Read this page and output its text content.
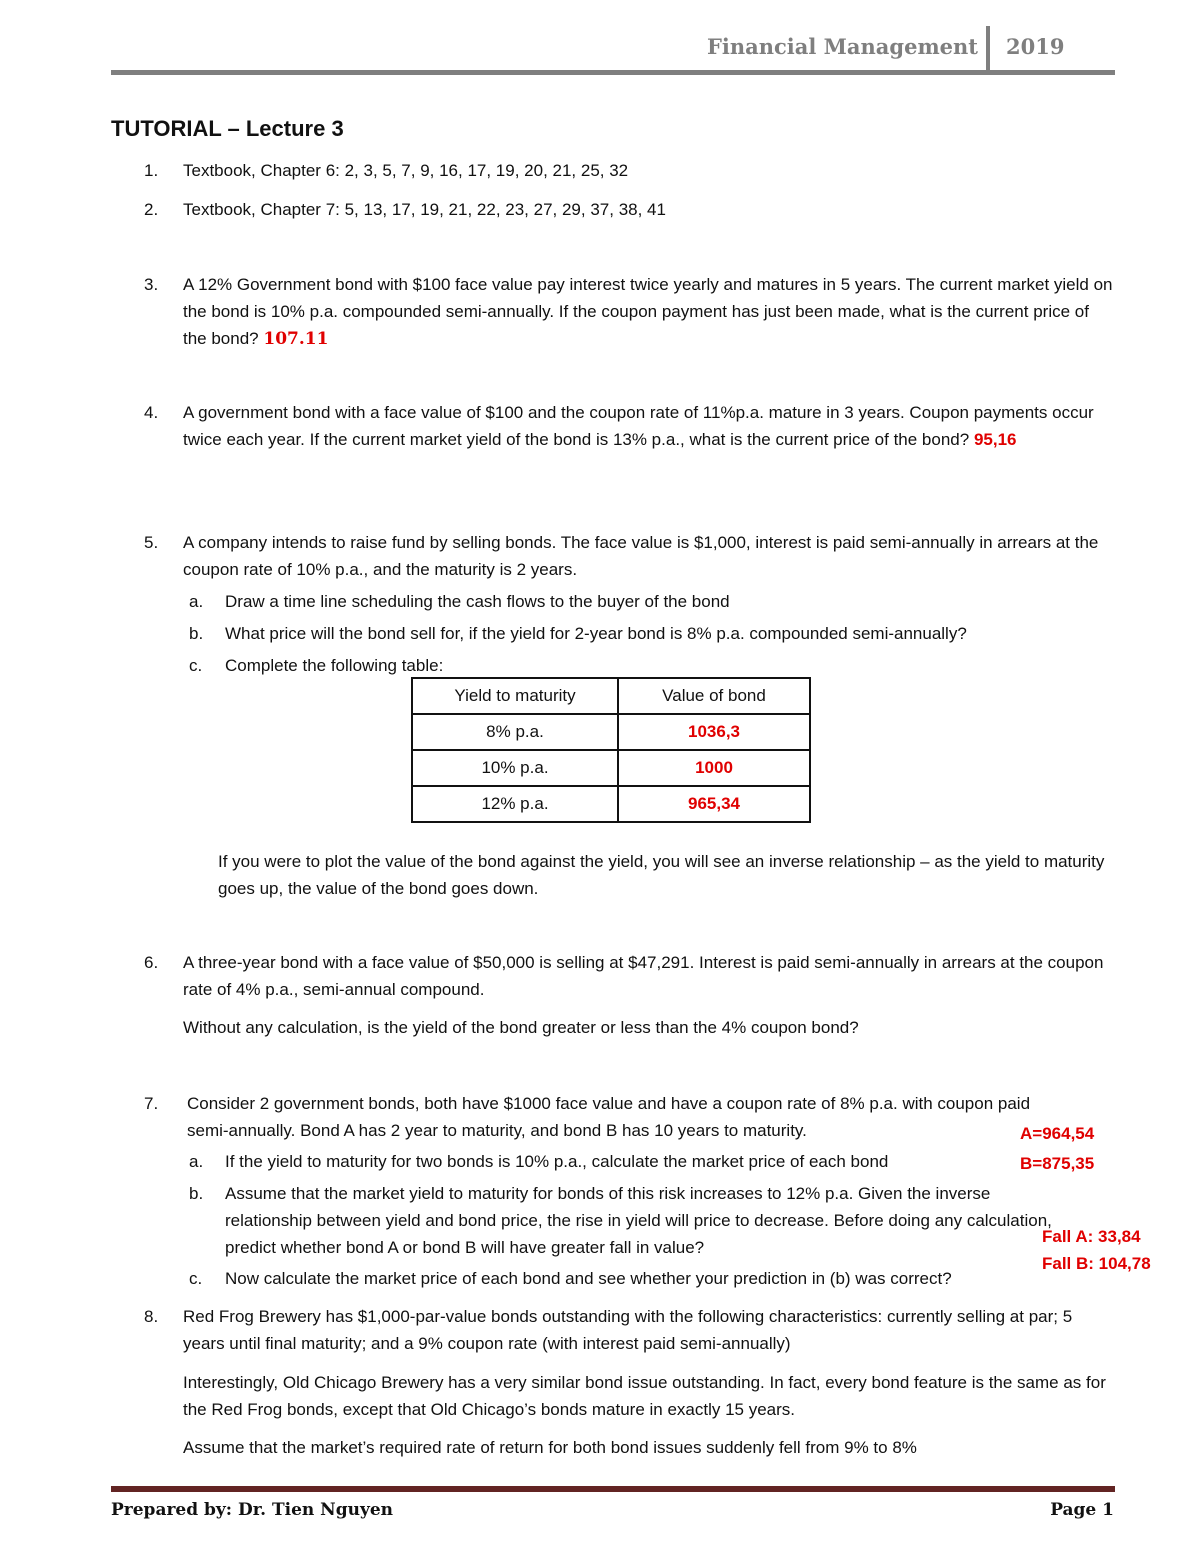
Financial Management 2019
TUTORIAL – Lecture 3
1. Textbook, Chapter 6: 2, 3, 5, 7, 9, 16, 17, 19, 20, 21, 25, 32
2. Textbook, Chapter 7: 5, 13, 17, 19, 21, 22, 23, 27, 29, 37, 38, 41
3. A 12% Government bond with $100 face value pay interest twice yearly and matures in 5 years. The current market yield on the bond is 10% p.a. compounded semi-annually. If the coupon payment has just been made, what is the current price of the bond? 107.11
4. A government bond with a face value of $100 and the coupon rate of 11%p.a. mature in 3 years. Coupon payments occur twice each year. If the current market yield of the bond is 13% p.a., what is the current price of the bond? 95,16
5. A company intends to raise fund by selling bonds. The face value is $1,000, interest is paid semi-annually in arrears at the coupon rate of 10% p.a., and the maturity is 2 years.
a. Draw a time line scheduling the cash flows to the buyer of the bond
b. What price will the bond sell for, if the yield for 2-year bond is 8% p.a. compounded semi-annually?
c. Complete the following table:
Yield to maturity	Value of bond
8% p.a.	1036,3
10% p.a.	1000
12% p.a.	965,34
If you were to plot the value of the bond against the yield, you will see an inverse relationship – as the yield to maturity goes up, the value of the bond goes down.
6. A three-year bond with a face value of $50,000 is selling at $47,291. Interest is paid semi-annually in arrears at the coupon rate of 4% p.a., semi-annual compound.
Without any calculation, is the yield of the bond greater or less than the 4% coupon bond?
7. Consider 2 government bonds, both have $1000 face value and have a coupon rate of 8% p.a. with coupon paid semi-annually. Bond A has 2 year to maturity, and bond B has 10 years to maturity.	A=964,54
a. If the yield to maturity for two bonds is 10% p.a., calculate the market price of each bond	B=875,35
b. Assume that the market yield to maturity for bonds of this risk increases to 12% p.a. Given the inverse relationship between yield and bond price, the rise in yield will price to decrease. Before doing any calculation, predict whether bond A or bond B will have greater fall in value?
Fall A: 33,84
Fall B: 104,78
c. Now calculate the market price of each bond and see whether your prediction in (b) was correct?
8. Red Frog Brewery has $1,000-par-value bonds outstanding with the following characteristics: currently selling at par; 5 years until final maturity; and a 9% coupon rate (with interest paid semi-annually)
Interestingly, Old Chicago Brewery has a very similar bond issue outstanding. In fact, every bond feature is the same as for the Red Frog bonds, except that Old Chicago’s bonds mature in exactly 15 years.
Assume that the market’s required rate of return for both bond issues suddenly fell from 9% to 8%
Prepared by: Dr. Tien Nguyen	Page 1
